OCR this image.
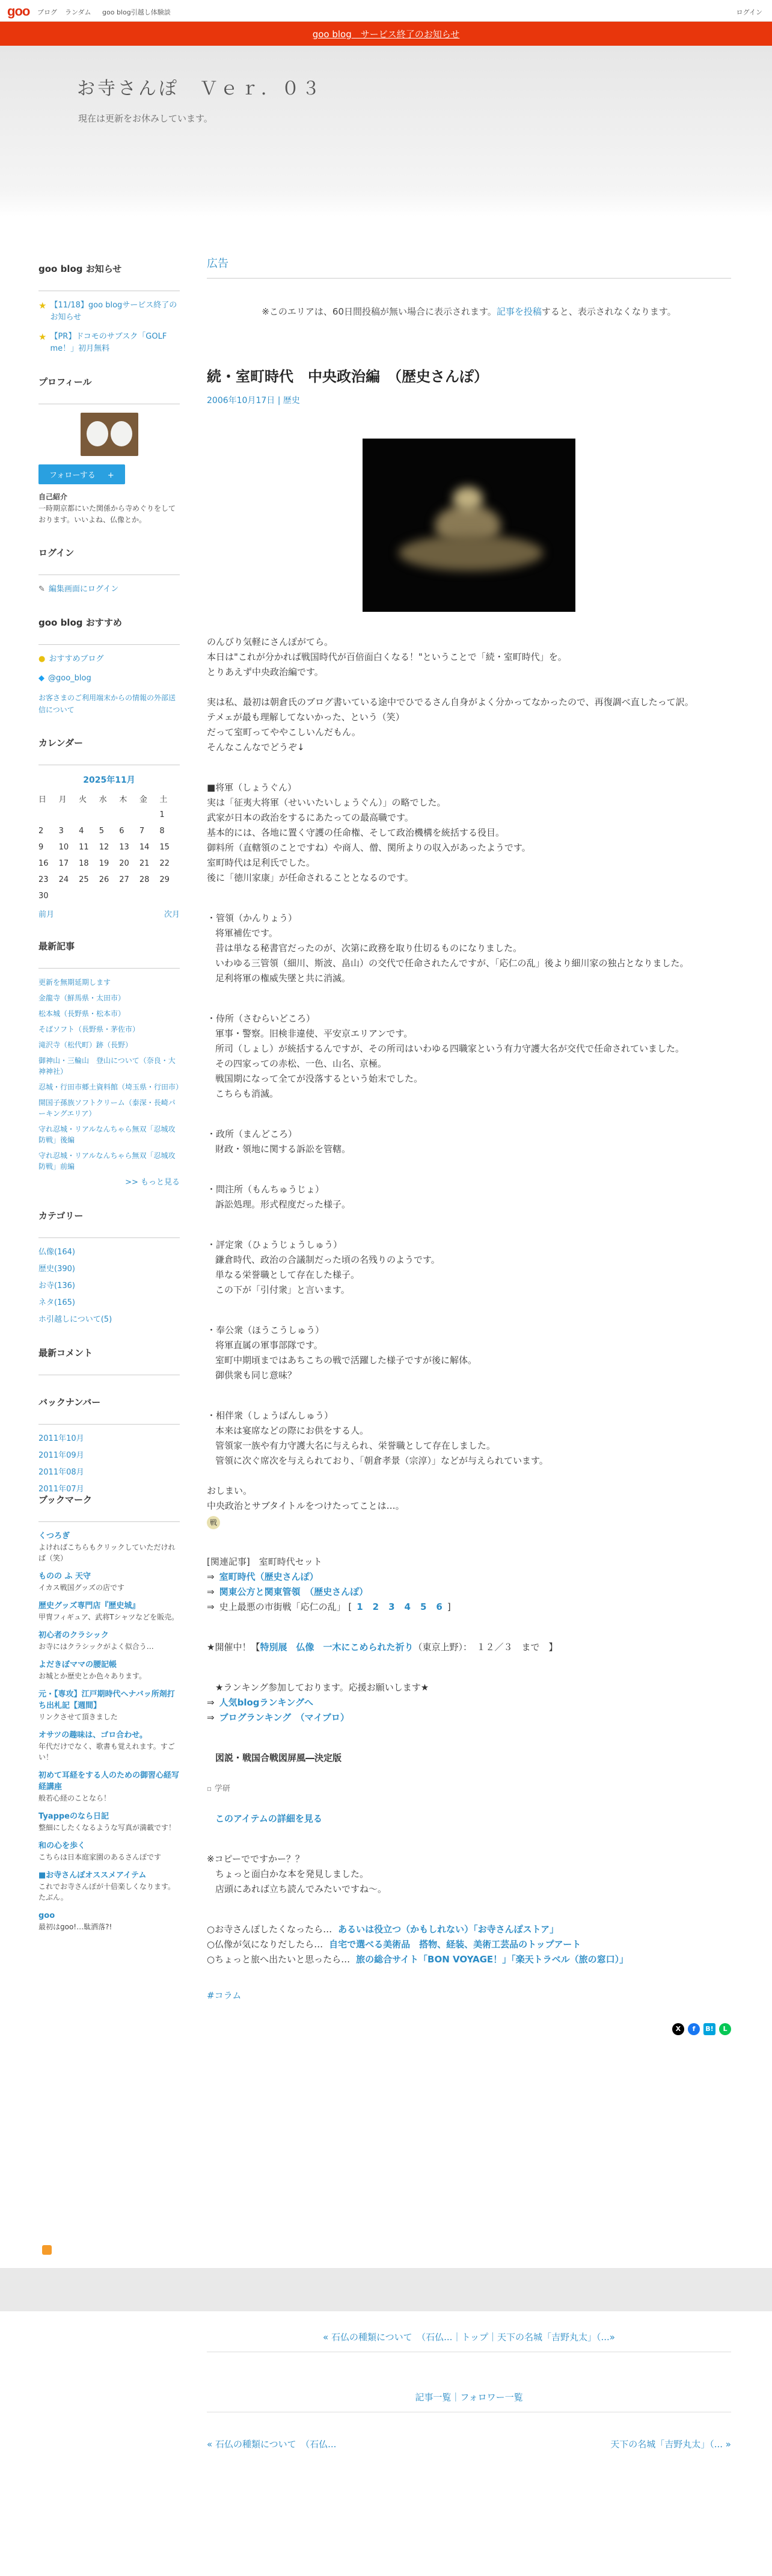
goo ブログ ランダム goo blog引越し体験談	ログイン
goo blog　サービス終了のお知らせ
お寺さんぽ　Ｖｅｒ．０３
現在は更新をお休みしています。
goo blog お知らせ
★ 【11/18】goo blogサービス終了のお知らせ
★ 【PR】ドコモのサブスク「GOLF me！」初月無料
プロフィール
フォローする +
自己紹介
一時期京都にいた関係から寺めぐりをしております。いいよね、仏像とか。
ログイン
✎ 編集画面にログイン
goo blog おすすめ
● おすすめブログ
◆ @goo_blog
お客さまのご利用端末からの情報の外部送信について
カレンダー
2025年11月
日	月	火	水	木	金	土
						1
2	3	4	5	6	7	8
9	10	11	12	13	14	15
16	17	18	19	20	21	22
23	24	25	26	27	28	29
30						
前月	次月
最新記事
更新を無期延期します
金龍寺（鮮馬県・太田市）
松本城（長野県・松本市）
そばソフト（長野県・茅佐市）
滝沢寺（松代町）跡（長野）
御神山・三輪山　登山について（奈良・大神神社）
忍城・行田市郷土資料館（埼玉県・行田市）
開国子孫族ソフトクリーム（泰深・長崎パーキングエリア）
守れ忍城・リアルなんちゃら無双「忍城攻防戦」後編
守れ忍城・リアルなんちゃら無双「忍城攻防戦」前編
>> もっと見る
カテゴリー
仏像(164)
歴史(390)
お寺(136)
ネタ(165)
ホ引越しについて(5)
最新コメント
バックナンバー
2011年10月
2011年09月
2011年08月
2011年07月
ブックマーク
くつろぎ
よければこちらもクリックしていただければ（笑）
ものの ふ 天守
イカス戦国グッズの店です
歴史グッズ専門店『歴史城』
甲冑フィギュア、武将Tシャツなどを販売。
初心者のクラシック
お寺にはクラシックがよく似合う…
よだきぼママの腰記帳
お城とか歴史とか色々あります。
元・【専攻】江戸期時代ヘナバッ所剤打ち出札記【週間】
リンクさせて頂きました
オサツの趣味は、ゴロ合わせ。
年代だけでなく、歌書も覚えれます。すごい！
初めて耳経をする人のための御習心経写経講座
般若心経のことなら！
Tyappeのなら日記
整細にしたくなるような写真が満載です！
和の心を歩く
こちらは日本庭家園のあるさんぽです
■お寺さんぽオススメアイテム
これでお寺さんぽが十倍楽しくなります。たぶん。
goo
最初はgoo!…駄洒落?!
広告
※このエリアは、60日間投稿が無い場合に表示されます。記事を投稿すると、表示されなくなります。
続・室町時代　中央政治編　（歴史さんぽ）
2006年10月17日 | 歴史
のんびり気軽にさんぽがてら。
本日は"これが分かれば戦国時代が百倍面白くなる！"ということで「続・室町時代」を。
とりあえず中央政治編です。
実は私、最初は朝倉氏のブログ書いている途中でひでるさん自身がよく分かってなかったので、再復調べ直したって訳。
テメェが最も理解してないかった、という（笑）
だって室町ってややこしいんだもん。
そんなこんなでどうぞ↓
■将軍（しょうぐん）
実は「征夷大将軍（せいいたいしょうぐん）」の略でした。
武家が日本の政治をするにあたっての最高職です。
基本的には、各地に置く守護の任命権、そして政治機構を統括する役目。
御料所（直轄領のことですね）や商人、僧、関所よりの収入があったようです。
室町時代は足利氏でした。
後に「徳川家康」が任命されることとなるのです。
・管領（かんりょう）
将軍補佐です。
昔は単なる秘書官だったのが、次第に政務を取り仕切るものになりました。
いわゆる三管領（細川、斯波、畠山）の交代で任命されたんですが、「応仁の乱」後より細川家の独占となりました。
足利将軍の権威失墜と共に消滅。
・侍所（さむらいどころ）
軍事・警察。旧検非違使、平安京エリアンです。
所司（しょし）が統括するんですが、その所司はいわゆる四職家という有力守護大名が交代で任命されていました。
その四家っての赤松、一色、山名、京極。
戦国期になって全てが没落するという始末でした。
こちらも消滅。
・政所（まんどころ）
財政・領地に関する訴訟を管轄。
・問注所（もんちゅうじょ）
訴訟処理。形式程度だった様子。
・評定衆（ひょうじょうしゅう）
鎌倉時代、政治の合議制だった頃の名残りのようです。
単なる栄誉職として存在した様子。
この下が「引付衆」と言います。
・奉公衆（ほうこうしゅう）
将軍直属の軍事部隊です。
室町中期頃まではあちこちの戦で活躍した様子ですが後に解体。
御供衆も同じ意味？
・相伴衆（しょうばんしゅう）
本来は宴席などの際にお供をする人。
管領家一族や有力守護大名に与えられ、栄誉職として存在しました。
管領に次ぐ席次を与えられており、「朝倉孝景（宗淳）」などが与えられています。
おしまい。
中央政治とサブタイトルをつけたってことは…。
戦
[関連記事]　室町時代セット
⇒ 室町時代（歴史さんぽ）
⇒ 関東公方と関東管領　（歴史さんぽ）
⇒ 史上最悪の市街戦「応仁の乱」 [ 1 2 3 4 5 6 ]
★開催中！【特別展　仏像　一木にこめられた祈り（東京上野）：　１２／３　まで　】
★ランキング参加しております。応援お願いします★
⇒ 人気blogランキングへ
⇒ ブログランキング　（マイブロ）
図説・戦国合戦図屏風―決定版
▫ 学研
このアイテムの詳細を見る
※コピーでですかー？？
ちょっと面白かな本を発見しました。
店頭にあれば立ち読んでみたいですね～。
○お寺さんぽしたくなったら… あるいは役立つ（かもしれない）「お寺さんぽストア」
○仏像が気になりだしたら… 自宅で選べる美術品　搭物、経装、美術工芸品のトップアート
○ちょっと旅へ出たいと思ったら… 旅の総合サイト「BON VOYAGE！」「楽天トラベル（旅の窓口）」
#コラム
X	f	B!	L
« 石仏の種類について　（石仏...｜トップ｜天下の名城「吉野丸太」（...»
記事一覧｜フォロワー一覧
« 石仏の種類について　（石仏...	天下の名城「吉野丸太」（... »
